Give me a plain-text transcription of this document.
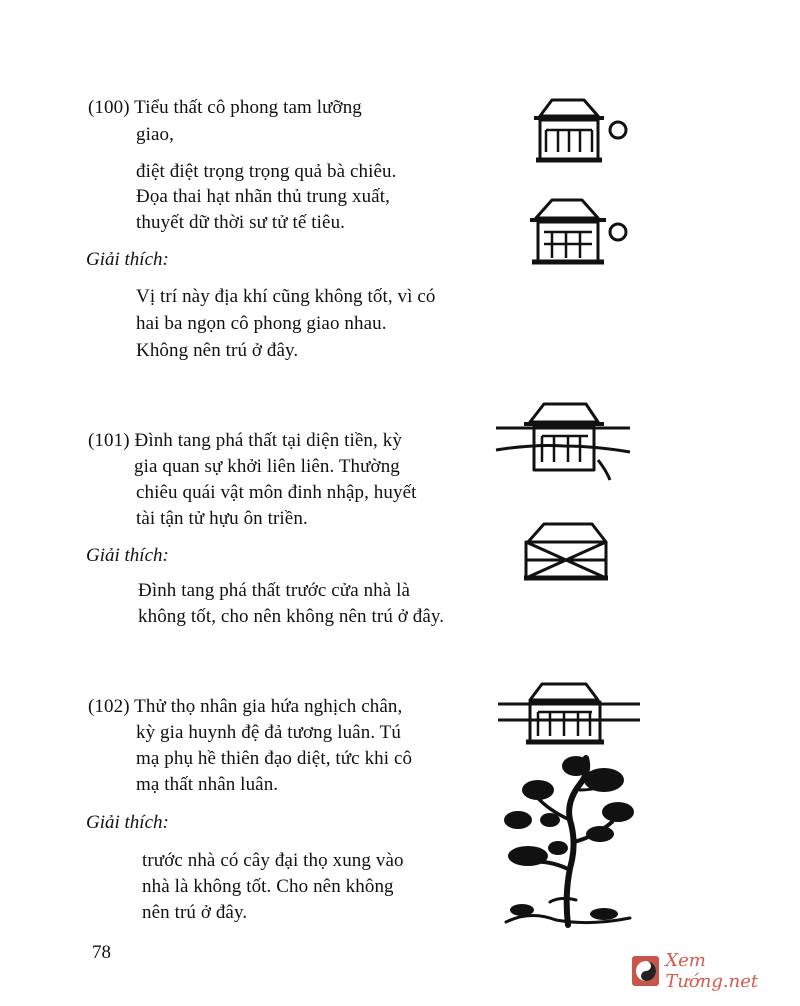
(100) Tiểu thất cô phong tam lưỡng
giao,
điệt điệt trọng trọng quả bà chiêu.
Đọa thai hạt nhãn thủ trung xuất,
thuyết dữ thời sư tử tế tiêu.
Giải thích:
Vị trí này địa khí cũng không tốt, vì có
hai ba ngọn cô phong giao nhau.
Không nên trú ở đây.
(101) Đình tang phá thất tại diện tiền, kỳ
gia quan sự khởi liên liên. Thường
chiêu quái vật môn đinh nhập, huyết
tài tận tử hựu ôn triền.
Giải thích:
Đình tang phá thất trước cửa nhà là
không tốt, cho nên không nên trú ở đây.
(102) Thử thọ nhân gia hứa nghịch chân,
kỳ gia huynh đệ đả tương luân. Tú
mạ phụ hề thiên đạo diệt, tức khi cô
mạ thất nhân luân.
Giải thích:
trước nhà có cây đại thọ xung vào
nhà là không tốt. Cho nên không
nên trú ở đây.
78	Xem Tướng.net
